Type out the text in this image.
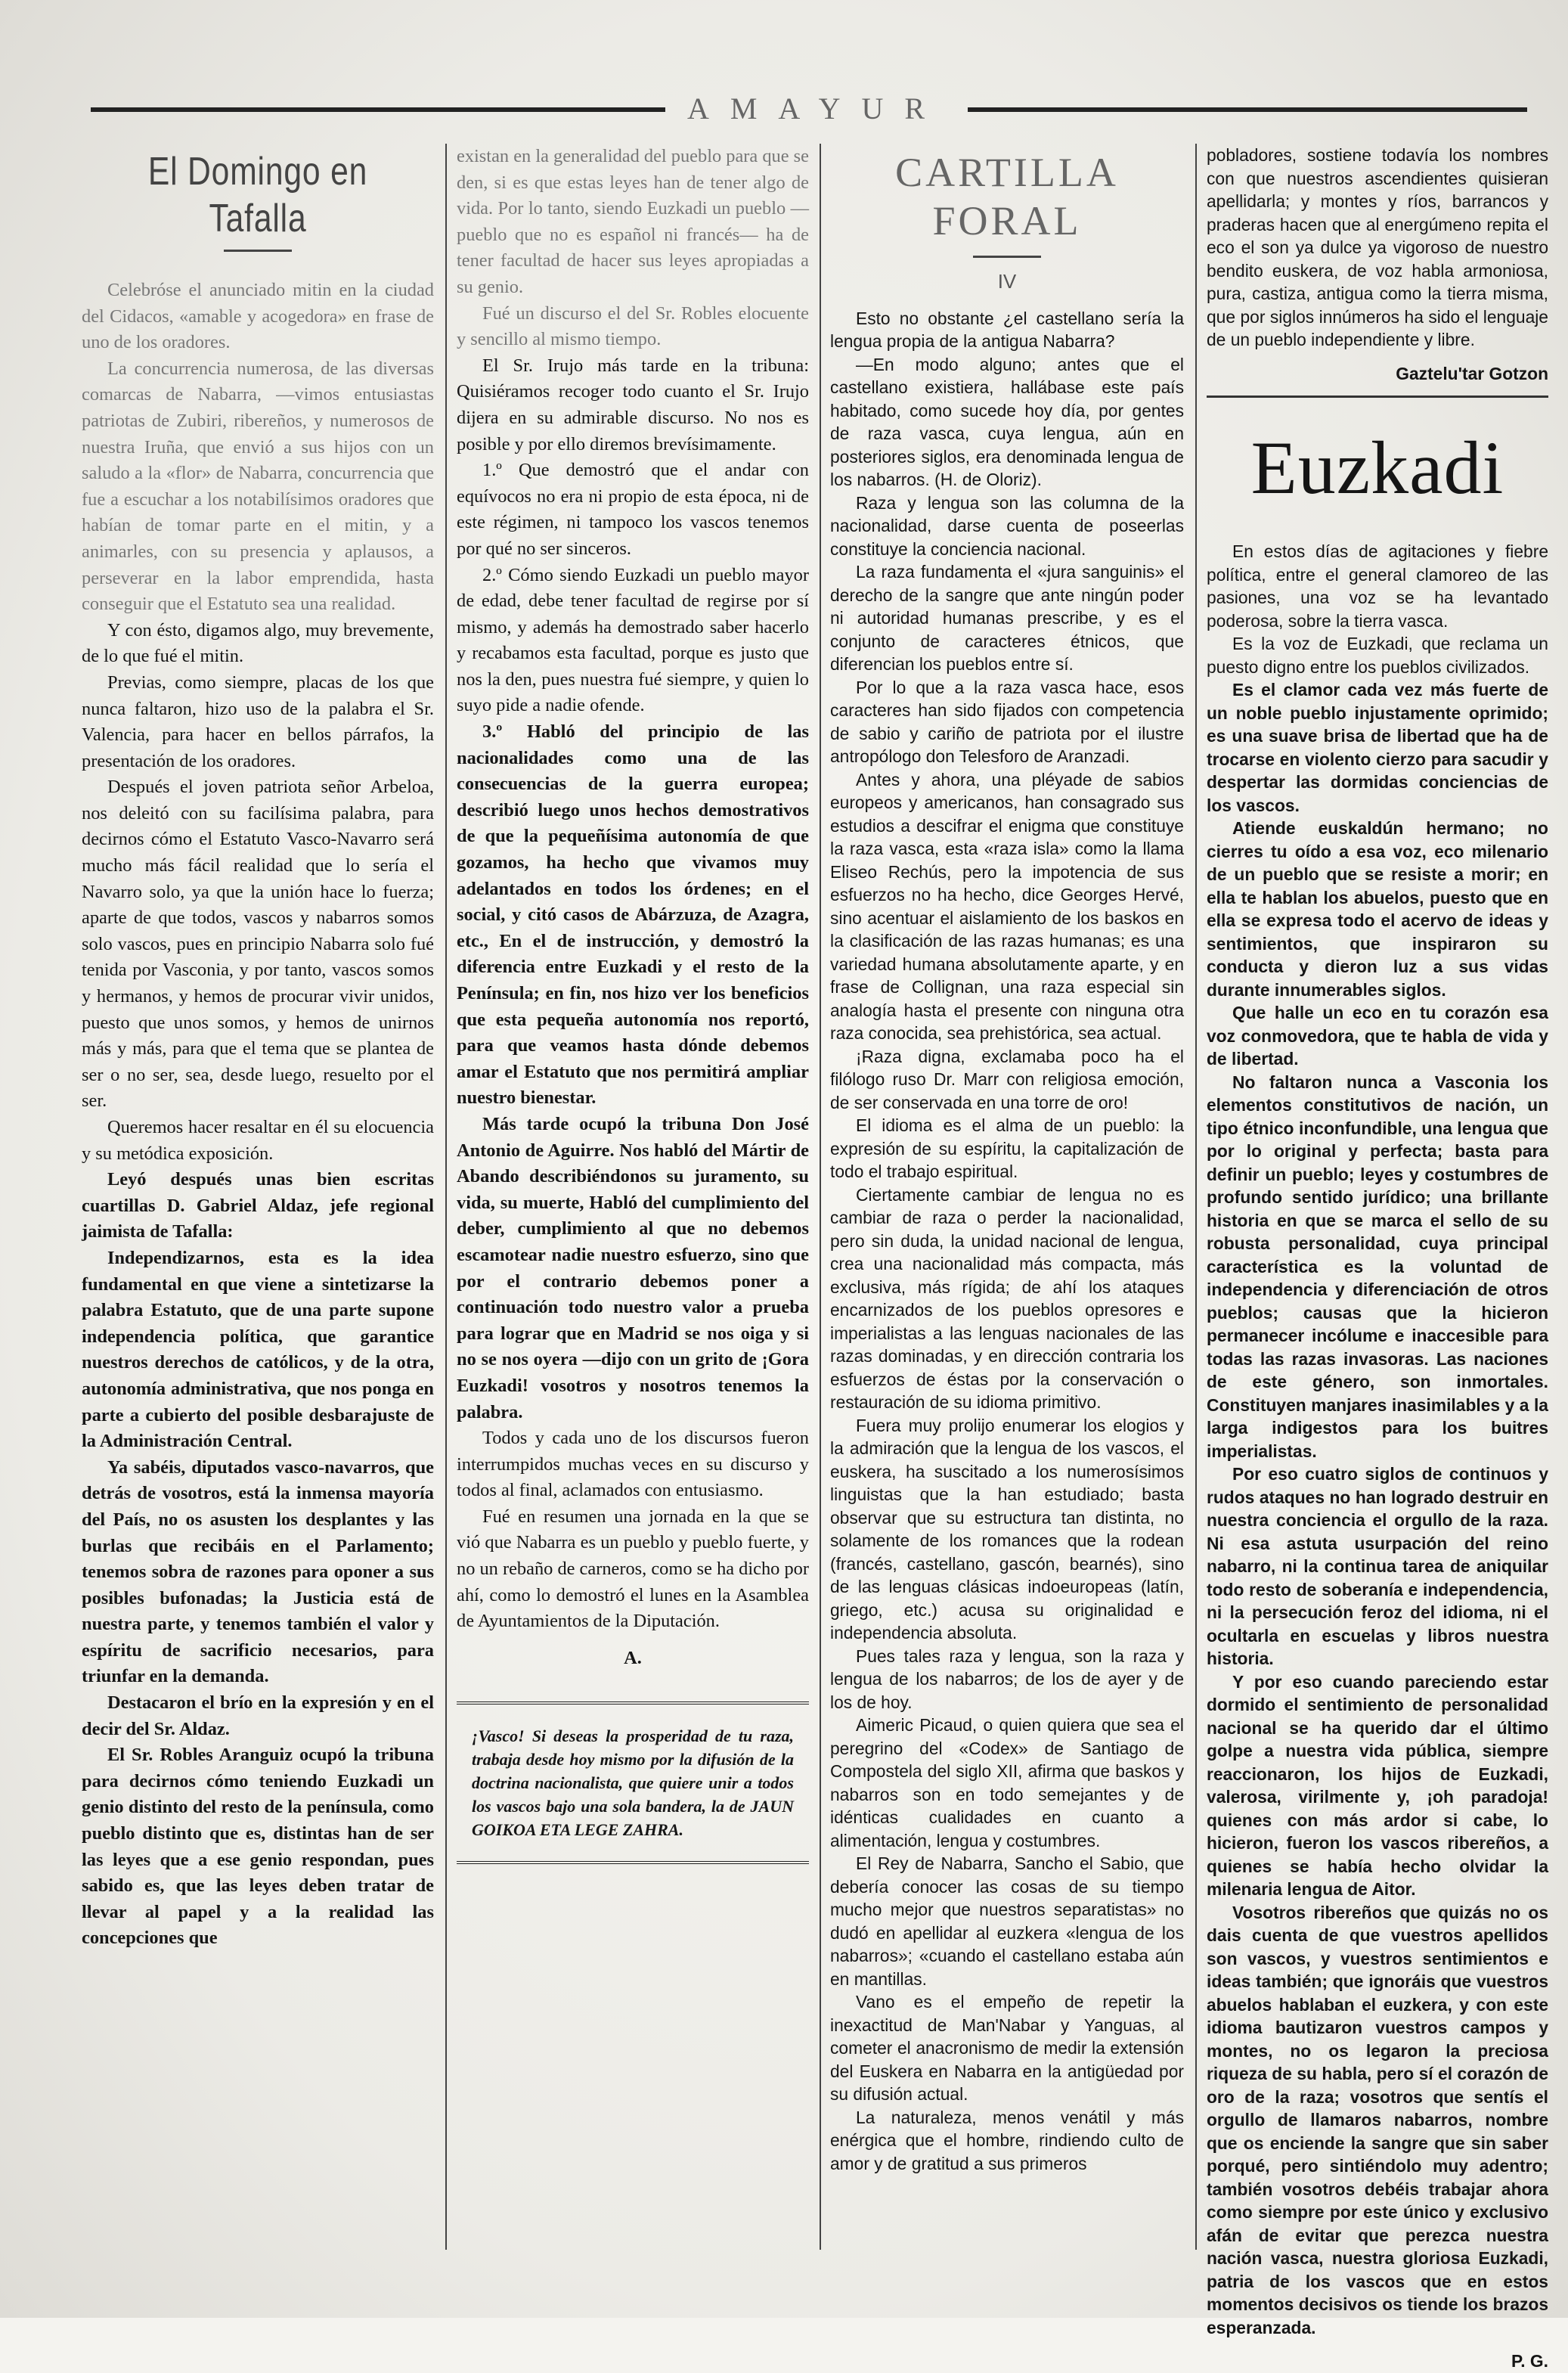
AMAYUR
El Domingo en Tafalla

Celebróse el anunciado mitin en la ciudad del Cidacos, «amable y acogedora» en frase de uno de los oradores.

La concurrencia numerosa, de las diversas comarcas de Nabarra, —vimos entusiastas patriotas de Zubiri, ribereños, y numerosos de nuestra Iruña, que envió a sus hijos con un saludo a la «flor» de Nabarra, concurrencia que fue a escuchar a los notabilísimos oradores que habían de tomar parte en el mitin, y a animarles, con su presencia y aplausos, a perseverar en la labor emprendida, hasta conseguir que el Estatuto sea una realidad.

Y con ésto, digamos algo, muy brevemente, de lo que fué el mitin.

Previas, como siempre, placas de los que nunca faltaron, hizo uso de la palabra el Sr. Valencia, para hacer en bellos párrafos, la presentación de los oradores.

Después el joven patriota señor Arbeloa, nos deleitó con su facilísima palabra, para decirnos cómo el Estatuto Vasco-Navarro será mucho más fácil realidad que lo sería el Navarro solo, ya que la unión hace lo fuerza; aparte de que todos, vascos y nabarros somos solo vascos, pues en principio Nabarra solo fué tenida por Vasconia, y por tanto, vascos somos y hermanos, y hemos de procurar vivir unidos, puesto que unos somos, y hemos de unirnos más y más, para que el tema que se plantea de ser o no ser, sea, desde luego, resuelto por el ser.

Queremos hacer resaltar en él su elocuencia y su metódica exposición.

Leyó después unas bien escritas cuartillas D. Gabriel Aldaz, jefe regional jaimista de Tafalla:

Independizarnos, esta es la idea fundamental en que viene a sintetizarse la palabra Estatuto, que de una parte supone independencia política, que garantice nuestros derechos de católicos, y de la otra, autonomía administrativa, que nos ponga en parte a cubierto del posible desbarajuste de la Administración Central.

Ya sabéis, diputados vasco-navarros, que detrás de vosotros, está la inmensa mayoría del País, no os asusten los desplantes y las burlas que recibáis en el Parlamento; tenemos sobra de razones para oponer a sus posibles bufonadas; la Justicia está de nuestra parte, y tenemos también el valor y espíritu de sacrificio necesarios, para triunfar en la demanda.

Destacaron el brío en la expresión y en el decir del Sr. Aldaz.

El Sr. Robles Aranguiz ocupó la tribuna para decirnos cómo teniendo Euzkadi un genio distinto del resto de la península, como pueblo distinto que es, distintas han de ser las leyes que a ese genio respondan, pues sabido es, que las leyes deben tratar de llevar al papel y a la realidad las concepciones que

existan en la generalidad del pueblo para que se den, si es que estas leyes han de tener algo de vida. Por lo tanto, siendo Euzkadi un pueblo —pueblo que no es español ni francés— ha de tener facultad de hacer sus leyes apropiadas a su genio.

Fué un discurso el del Sr. Robles elocuente y sencillo al mismo tiempo.

El Sr. Irujo más tarde en la tribuna: Quisiéramos recoger todo cuanto el Sr. Irujo dijera en su admirable discurso. No nos es posible y por ello diremos brevísimamente.

1.º Que demostró que el andar con equívocos no era ni propio de esta época, ni de este régimen, ni tampoco los vascos tenemos por qué no ser sinceros.

2.º Cómo siendo Euzkadi un pueblo mayor de edad, debe tener facultad de regirse por sí mismo, y además ha demostrado saber hacerlo y recabamos esta facultad, porque es justo que nos la den, pues nuestra fué siempre, y quien lo suyo pide a nadie ofende.

3.º Habló del principio de las nacionalidades como una de las consecuencias de la guerra europea; describió luego unos hechos demostrativos de que la pequeñísima autonomía de que gozamos, ha hecho que vivamos muy adelantados en todos los órdenes; en el social, y citó casos de Abárzuza, de Azagra, etc., En el de instrucción, y demostró la diferencia entre Euzkadi y el resto de la Península; en fin, nos hizo ver los beneficios que esta pequeña autonomía nos reportó, para que veamos hasta dónde debemos amar el Estatuto que nos permitirá ampliar nuestro bienestar.

Más tarde ocupó la tribuna Don José Antonio de Aguirre. Nos habló del Mártir de Abando describiéndonos su juramento, su vida, su muerte, Habló del cumplimiento del deber, cumplimiento al que no debemos escamotear nadie nuestro esfuerzo, sino que por el contrario debemos poner a continuación todo nuestro valor a prueba para lograr que en Madrid se nos oiga y si no se nos oyera —dijo con un grito de ¡Gora Euzkadi! vosotros y nosotros tenemos la palabra.

Todos y cada uno de los discursos fueron interrumpidos muchas veces en su discurso y todos al final, aclamados con entusiasmo.

Fué en resumen una jornada en la que se vió que Nabarra es un pueblo y pueblo fuerte, y no un rebaño de carneros, como se ha dicho por ahí, como lo demostró el lunes en la Asamblea de Ayuntamientos de la Diputación.

A.
¡Vasco! Si deseas la prosperidad de tu raza, trabaja desde hoy mismo por la difusión de la doctrina nacionalista, que quiere unir a todos los vascos bajo una sola bandera, la de JAUN GOIKOA ETA LEGE ZAHRA.
CARTILLA FORAL
IV

Esto no obstante ¿el castellano sería la lengua propia de la antigua Nabarra?

—En modo alguno; antes que el castellano existiera, hallábase este país habitado, como sucede hoy día, por gentes de raza vasca, cuya lengua, aún en posteriores siglos, era denominada lengua de los nabarros. (H. de Oloriz).

Raza y lengua son las columna de la nacionalidad, darse cuenta de poseerlas constituye la conciencia nacional.

La raza fundamenta el «jura sanguinis» el derecho de la sangre que ante ningún poder ni autoridad humanas prescribe, y es el conjunto de caracteres étnicos, que diferencian los pueblos entre sí.

Por lo que a la raza vasca hace, esos caracteres han sido fijados con competencia de sabio y cariño de patriota por el ilustre antropólogo don Telesforo de Aranzadi.

Antes y ahora, una pléyade de sabios europeos y americanos, han consagrado sus estudios a descifrar el enigma que constituye la raza vasca, esta «raza isla» como la llama Eliseo Rechús, pero la impotencia de sus esfuerzos no ha hecho, dice Georges Hervé, sino acentuar el aislamiento de los baskos en la clasificación de las razas humanas; es una variedad humana absolutamente aparte, y en frase de Collignan, una raza especial sin analogía hasta el presente con ninguna otra raza conocida, sea prehistórica, sea actual.

¡Raza digna, exclamaba poco ha el filólogo ruso Dr. Marr con religiosa emoción, de ser conservada en una torre de oro!

El idioma es el alma de un pueblo: la expresión de su espíritu, la capitalización de todo el trabajo espiritual.

Ciertamente cambiar de lengua no es cambiar de raza o perder la nacionalidad, pero sin duda, la unidad nacional de lengua, crea una nacionalidad más compacta, más exclusiva, más rígida; de ahí los ataques encarnizados de los pueblos opresores e imperialistas a las lenguas nacionales de las razas dominadas, y en dirección contraria los esfuerzos de éstas por la conservación o restauración de su idioma primitivo.

Fuera muy prolijo enumerar los elogios y la admiración que la lengua de los vascos, el euskera, ha suscitado a los numerosísimos linguistas que la han estudiado; basta observar que su estructura tan distinta, no solamente de los romances que la rodean (francés, castellano, gascón, bearnés), sino de las lenguas clásicas indoeuropeas (latín, griego, etc.) acusa su originalidad e independencia absoluta.

Pues tales raza y lengua, son la raza y lengua de los nabarros; de los de ayer y de los de hoy.

Aimeric Picaud, o quien quiera que sea el peregrino del «Codex» de Santiago de Compostela del siglo XII, afirma que baskos y nabarros son en todo semejantes y de idénticas cualidades en cuanto a alimentación, lengua y costumbres.

El Rey de Nabarra, Sancho el Sabio, que debería conocer las cosas de su tiempo mucho mejor que nuestros separatistas» no dudó en apellidar al euzkera «lengua de los nabarros»; «cuando el castellano estaba aún en mantillas.

Vano es el empeño de repetir la inexactitud de Man'Nabar y Yanguas, al cometer el anacronismo de medir la extensión del Euskera en Nabarra en la antigüedad por su difusión actual.

La naturaleza, menos venátil y más enérgica que el hombre, rindiendo culto de amor y de gratitud a sus primeros

pobladores, sostiene todavía los nombres con que nuestros ascendientes quisieran apellidarla; y montes y ríos, barrancos y praderas hacen que al energúmeno repita el eco el son ya dulce ya vigoroso de nuestro bendito euskera, de voz habla armoniosa, pura, castiza, antigua como la tierra misma, que por siglos innúmeros ha sido el lenguaje de un pueblo independiente y libre.

Gaztelu'tar Gotzon
Euzkadi

En estos días de agitaciones y fiebre política, entre el general clamoreo de las pasiones, una voz se ha levantado poderosa, sobre la tierra vasca.

Es la voz de Euzkadi, que reclama un puesto digno entre los pueblos civilizados.

Es el clamor cada vez más fuerte de un noble pueblo injustamente oprimido; es una suave brisa de libertad que ha de trocarse en violento cierzo para sacudir y despertar las dormidas conciencias de los vascos.

Atiende euskaldún hermano; no cierres tu oído a esa voz, eco milenario de un pueblo que se resiste a morir; en ella te hablan los abuelos, puesto que en ella se expresa todo el acervo de ideas y sentimientos, que inspiraron su conducta y dieron luz a sus vidas durante innumerables siglos.

Que halle un eco en tu corazón esa voz conmovedora, que te habla de vida y de libertad.

No faltaron nunca a Vasconia los elementos constitutivos de nación, un tipo étnico inconfundible, una lengua que por lo original y perfecta; basta para definir un pueblo; leyes y costumbres de profundo sentido jurídico; una brillante historia en que se marca el sello de su robusta personalidad, cuya principal característica es la voluntad de independencia y diferenciación de otros pueblos; causas que la hicieron permanecer incólume e inaccesible para todas las razas invasoras. Las naciones de este género, son inmortales. Constituyen manjares inasimilables y a la larga indigestos para los buitres imperialistas.

Por eso cuatro siglos de continuos y rudos ataques no han logrado destruir en nuestra conciencia el orgullo de la raza. Ni esa astuta usurpación del reino nabarro, ni la continua tarea de aniquilar todo resto de soberanía e independencia, ni la persecución feroz del idioma, ni el ocultarla en escuelas y libros nuestra historia.

Y por eso cuando pareciendo estar dormido el sentimiento de personalidad nacional se ha querido dar el último golpe a nuestra vida pública, siempre reaccionaron, los hijos de Euzkadi, valerosa, virilmente y, ¡oh paradoja! quienes con más ardor si cabe, lo hicieron, fueron los vascos ribereños, a quienes se había hecho olvidar la milenaria lengua de Aitor.

Vosotros ribereños que quizás no os dais cuenta de que vuestros apellidos son vascos, y vuestros sentimientos e ideas también; que ignoráis que vuestros abuelos hablaban el euzkera, y con este idioma bautizaron vuestros campos y montes, no os legaron la preciosa riqueza de su habla, pero sí el corazón de oro de la raza; vosotros que sentís el orgullo de llamaros nabarros, nombre que os enciende la sangre que sin saber porqué, pero sintiéndolo muy adentro; también vosotros debéis trabajar ahora como siempre por este único y exclusivo afán de evitar que perezca nuestra nación vasca, nuestra gloriosa Euzkadi, patria de los vascos que en estos momentos decisivos os tiende los brazos esperanzada.

P. G.
